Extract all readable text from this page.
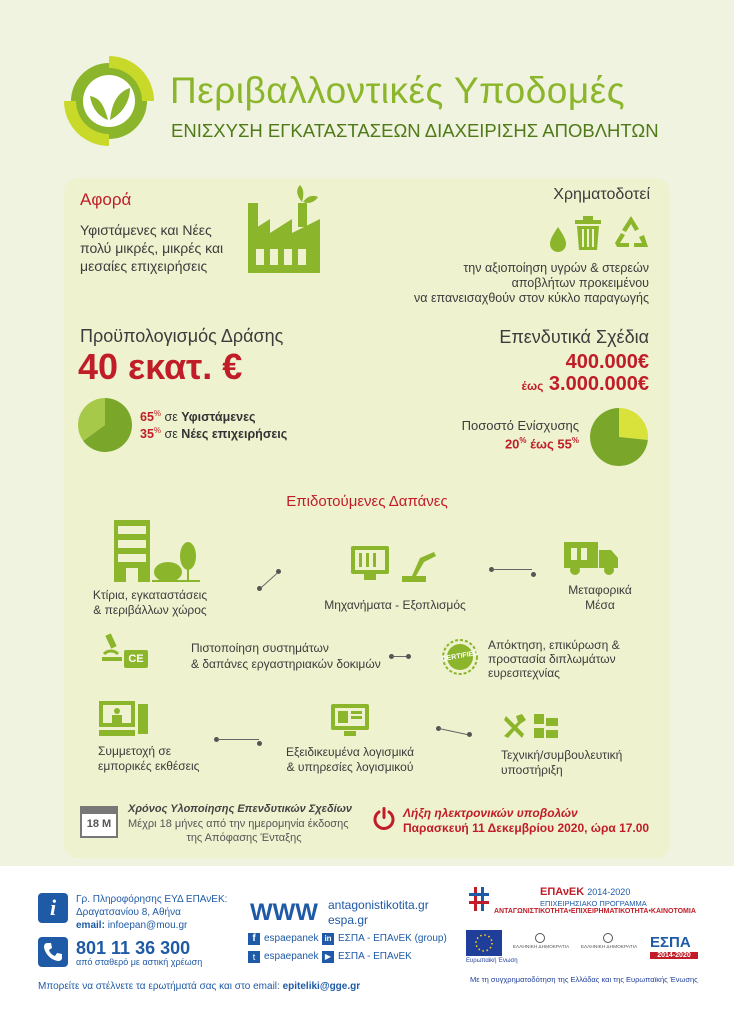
Περιβαλλοντικές Υποδομές
ΕΝΙΣΧΥΣΗ ΕΓΚΑΤΑΣΤΑΣΕΩΝ ΔΙΑΧΕΙΡΙΣΗΣ ΑΠΟΒΛΗΤΩΝ
Αφορά
Υφιστάμενες και Νέες
πολύ μικρές, μικρές και
μεσαίες επιχειρήσεις
Χρηματοδοτεί
την αξιοποίηση υγρών & στερεών
αποβλήτων προκειμένου
να επανεισαχθούν στον κύκλο παραγωγής
Προϋπολογισμός Δράσης
40 εκατ. €
65% σε Υφιστάμενες
35% σε Νέες επιχειρήσεις
Επενδυτικά Σχέδια
400.000€
έως 3.000.000€
Ποσοστό Ενίσχυσης
20% έως 55%
Επιδοτούμενες Δαπάνες
Κτίρια, εγκαταστάσεις
& περιβάλλων χώρος	Μηχανήματα - Εξοπλισμός
Μεταφορικά
Μέσα
CE
Πιστοποίηση συστημάτων
& δαπάνες εργαστηριακών δοκιμών
CERTIFIED
Απόκτηση, επικύρωση &
προστασία διπλωμάτων
ευρεσιτεχνίας
Συμμετοχή σε
εμπορικές εκθέσεις
Εξειδικευμένα λογισμικά
& υπηρεσίες λογισμικού
Τεχνική/συμβουλευτική
υποστήριξη
18 M
Χρόνος Υλοποίησης Επενδυτικών Σχεδίων
Μέχρι 18 μήνες από την ημερομηνία έκδοσης
της Απόφασης Ένταξης
Λήξη ηλεκτρονικών υποβολών
Παρασκευή 11 Δεκεμβρίου 2020, ώρα 17.00
i	Γρ. Πληροφόρησης ΕΥΔ ΕΠΑνΕΚ:
Δραγατσανίου 8, Αθήνα
email: infoepan@mou.gr
801 11 36 300
από σταθερό με αστική χρέωση
WWW antagonistikotita.gr
espa.gr
f espaepanek in ΕΣΠΑ - ΕΠΑνΕΚ (group)
t espaepanek ▶ ΕΣΠΑ - ΕΠΑνΕΚ
Μπορείτε να στέλνετε τα ερωτήματά σας και στο email: epiteliki@gge.gr
ΕΠΑνΕΚ 2014-2020
ΕΠΙΧΕΙΡΗΣΙΑΚΟ ΠΡΟΓΡΑΜΜΑ
ΑΝΤΑΓΩΝΙΣΤΙΚΟΤΗΤΑ•ΕΠΙΧΕΙΡΗΜΑΤΙΚΟΤΗΤΑ•ΚΑΙΝΟΤΟΜΙΑ
Ευρωπαϊκή Ένωση
ΕΛΛΗΝΙΚΗ ΔΗΜΟΚΡΑΤΙΑ	ΕΛΛΗΝΙΚΗ ΔΗΜΟΚΡΑΤΙΑ ΕΣΠΑ
2014-2020
Με τη συγχρηματοδότηση της Ελλάδας και της Ευρωπαϊκής Ένωσης
